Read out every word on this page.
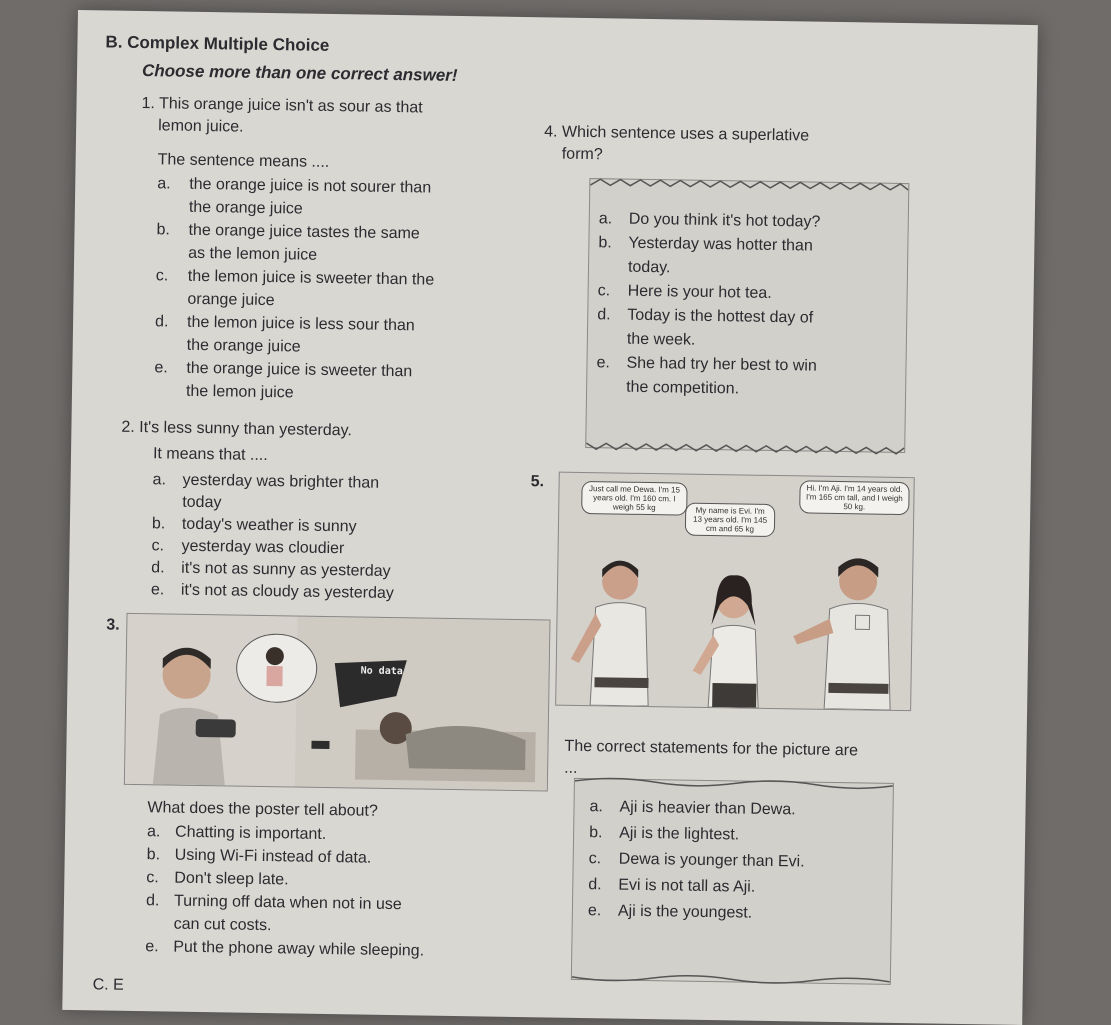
B. Complex Multiple Choice
Choose more than one correct answer!
1. This orange juice isn't as sour as that
lemon juice.
The sentence means ....
a. the orange juice is not sourer than
the orange juice
b. the orange juice tastes the same
as the lemon juice
c. the lemon juice is sweeter than the
orange juice
d. the lemon juice is less sour than
the orange juice
e. the orange juice is sweeter than
the lemon juice
2. It's less sunny than yesterday.
It means that ....
a. yesterday was brighter than
today
b. today's weather is sunny
c. yesterday was cloudier
d. it's not as sunny as yesterday
e. it's not as cloudy as yesterday
3.
No data
What does the poster tell about?
a. Chatting is important.
b. Using Wi-Fi instead of data.
c. Don't sleep late.
d. Turning off data when not in use
can cut costs.
e. Put the phone away while sleeping.
C. E
4. Which sentence uses a superlative
form?
a. Do you think it's hot today?
b. Yesterday was hotter than
today.
c. Here is your hot tea.
d. Today is the hottest day of
the week.
e. She had try her best to win
the competition.
5.	Just call me Dewa. I'm 15 years old. I'm 160 cm. I weigh 55 kg	My name is Evi. I'm 13 years old. I'm 145 cm and 65 kg
Hi. I'm Aji. I'm 14 years old. I'm 165 cm tall, and I weigh 50 kg.
The correct statements for the picture are
...
a. Aji is heavier than Dewa.
b. Aji is the lightest.
c. Dewa is younger than Evi.
d. Evi is not tall as Aji.
e. Aji is the youngest.
